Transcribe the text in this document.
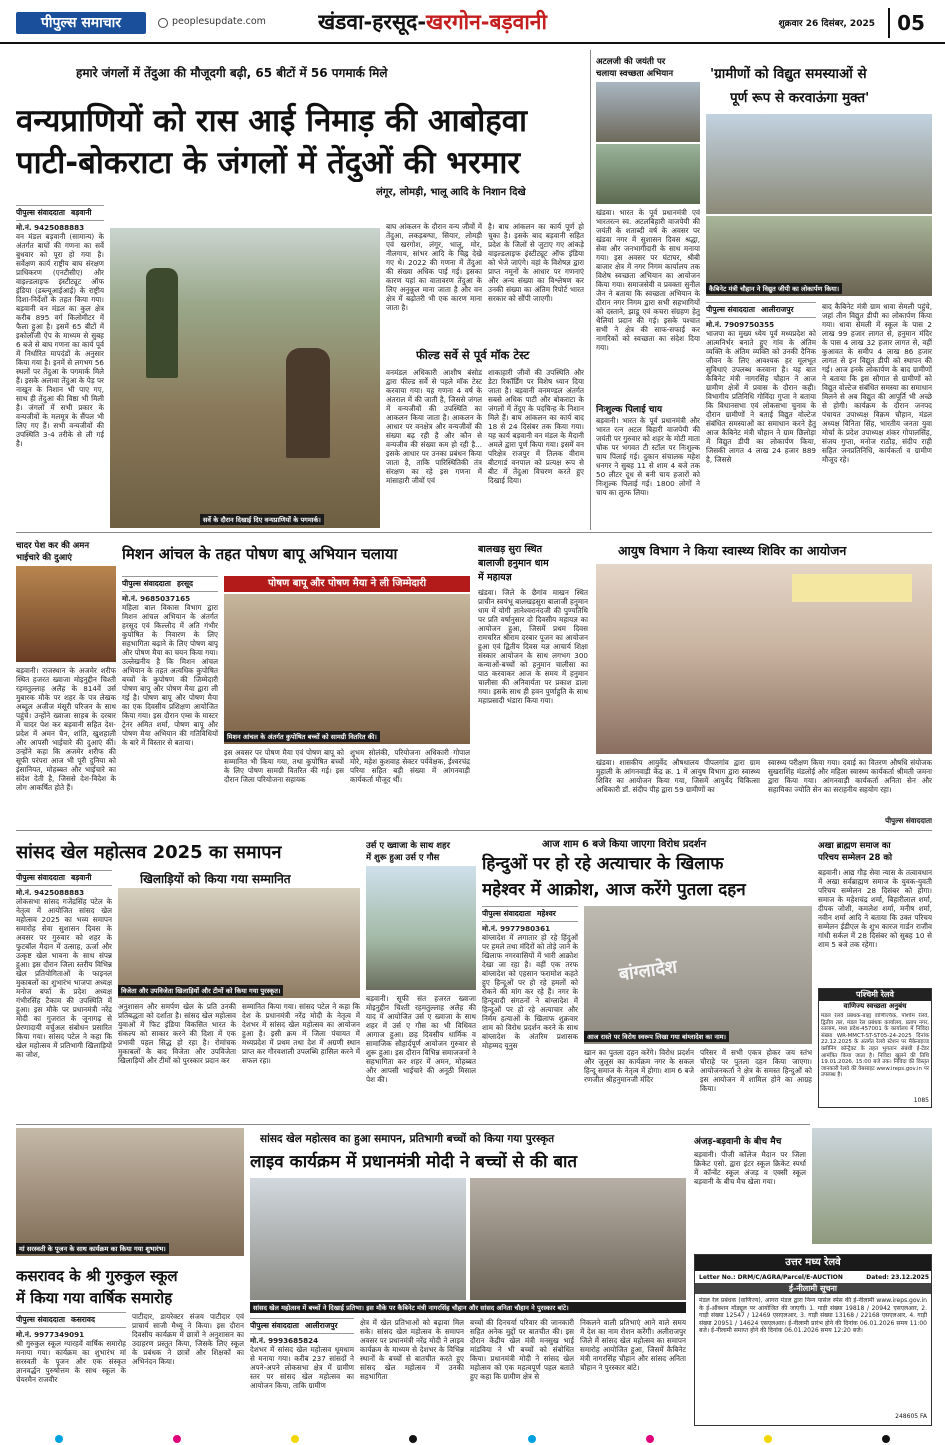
पीपुल्स समाचार	peoplesupdate.com	खंडवा-हरसूद-खरगोन-बड़वानी	शुक्रवार 26 दिसंबर, 2025	05
हमारे जंगलों में तेंदुआ की मौजूदगी बढ़ी, 65 बीटों में 56 पगमार्क मिले
वन्यप्राणियों को रास आई निमाड़ की आबोहवा
पाटी-बोकराटा के जंगलों में तेंदुओं की भरमार
लंगूर, लोमड़ी, भालू आदि के निशान दिखे
पीपुल्स संवाददाता बड़वानी
मो.नं. 9425088883
वन मंडल बड़वानी (सामान्य) के अंतर्गत बाघों की गणना का सर्वे बुधवार को पूरा हो गया है। सर्वेक्षण कार्य राष्ट्रीय बाघ संरक्षण प्राधिकरण (एनटीसीए) और वाइल्डलाइफ इंस्टीट्यूट ऑफ इंडिया (डब्ल्यूआईआई) के राष्ट्रीय दिशा-निर्देशों के तहत किया गया। बड़वानी वन मंडल का कुल क्षेत्र करीब 895 वर्ग किलोमीटर में फैला हुआ है। इसमें 65 बीटों में इकोलॉजी ऐप के माध्यम से सुबह 6 बजे से बाघ गणना का कार्य पूर्व में निर्धारित मापदंडों के अनुसार किया गया है। इनमें से लगभग 56 स्थलों पर तेंदुआ के पगमार्क मिले हैं। इसके अलावा तेंदुआ के पेड़ पर नाखून के निशान भी पाए गए, साथ ही तेंदुआ की विष्ठा भी मिली है। जंगलों में सभी प्रकार के वन्यजीवों के मलमूत्र के सैंपल भी लिए गए हैं। सभी वन्यजीवों की उपस्थिति 3-4 तरीके से ली गई है।
सर्वे के दौरान दिखाई दिए वन्यप्राणियों के पगमार्क।
बाघ आंकलन के दौरान वन्य जीवों में तेंदुआ, लकड़बग्घा, सियार, लोमड़ी एवं खरगोश, लंगूर, भालू, मोर, नीलगाय, सांभर आदि के चिह्न देखे गए थे। 2022 की गणना में तेंदुआ की संख्या अधिक पाई गई। इसका कारण यहां का वातावरण तेंदुआ के लिए अनुकूल माना जाता है और वन क्षेत्र में बढ़ोतरी भी एक कारण माना जाता है।
है। बाघ आंकलन का कार्य पूर्ण हो चुका है। इसके बाद बड़वानी सहित प्रदेश के जिलों से जुटाए गए आंकड़े वाइल्डलाइफ इंस्टीट्यूट ऑफ इंडिया को भेजे जाएंगे। वहां के विशेषज्ञ द्वारा प्राप्त नमूनों के आधार पर गणनाएं और अन्य संख्या का विश्लेषण कर उनकी संख्या का अंतिम रिपोर्ट भारत सरकार को सौंपी जाएगी।
फील्ड सर्वे से पूर्व मॉक टेस्ट
वनमंडल अधिकारी आशीष बंसोड द्वारा फील्ड सर्वे से पहले मॉक टेस्ट करवाया गया। यह गणना 4 वर्ष के अंतराल में की जाती है, जिससे जंगल में वन्यजीवों की उपस्थिति का आकलन किया जाता है। आकलन के आधार पर वनक्षेत्र और वन्यजीवों की संख्या बढ़ रही है और कौन से वन्यजीव की संख्या कम हो रही है... इसके आधार पर उनका प्रबंधन किया जाता है, ताकि पारिस्थितिकी तंत्र संरक्षण का रहे इस गणना में मांसाहारी जीवों एवं
शाकाहारी जीवों की उपस्थिति और डेटा रिकॉर्डिंग पर विशेष ध्यान दिया जाता है। बड़वानी वनमण्डल अंतर्गत सबसे अधिक पाटी और बोकराटा के जंगलों में तेंदुए के पदचिन्ह के निशान मिले हैं। बाघ आंकलन का कार्य बाद 18 से 24 दिसंबर तक किया गया। यह कार्य बड़वानी वन मंडल के मैदानी अमले द्वारा पूर्ण किया गया। इसमें वन परिक्षेत्र राजपुर में तिलक वीराम बीटगार्ड वनपाल को प्रत्यक्ष रूप से बीट में तेंदुआ विचरण करते हुए दिखाई दिया।
अटलजी की जयंती पर
चलाया स्वच्छता अभियान
खंडवा। भारत के पूर्व प्रधानमंत्री एवं भारतरत्न स्व. अटलबिहारी वाजपेयी की जयंती के शताब्दी वर्ष के अवसर पर खंडवा नगर में सुशासन दिवस श्रद्धा, सेवा और जनभागीदारी के साथ मनाया गया। इस अवसर पर घंटाघर, श्रीबी बाजार क्षेत्र में नगर निगम कार्यालय तक विशेष स्वच्छता अभियान का आयोजन किया गया। समाजसेवी व प्रवक्ता सुनील जैन ने बताया कि स्वच्छता अभियान के दौरान नगर निगम द्वारा सभी सहभागियों को दस्ताने, झाडू एवं कचरा संग्रहण हेतु थैलियां प्रदान की गई। इसके पश्चात सभी ने क्षेत्र की साफ-सफाई कर नागरिकों को स्वच्छता का संदेश दिया गया।
निःशुल्क पिलाई चाय
बड़वानी। भारत के पूर्व प्रधानमंत्री और भारत रत्न अटल बिहारी वाजपेयी की जयंती पर गुरुवार को शहर के मोटी माता चौक पर भगवत टी स्टॉल पर निःशुल्क चाय पिलाई गई। दुकान संचालक महेश धनगर ने सुबह 11 से शाम 4 बजे तक 50 लीटर दूध से बनी चाय हजारों को निःशुल्क पिलाई गई। 1800 लोगों ने चाय का लुत्फ लिया।
'ग्रामीणों को विद्युत समस्याओं से
पूर्ण रूप से करवाऊंगा मुक्त'
कैबिनेट मंत्री चौहान ने विद्युत जीपी का लोकार्पण किया।
पीपुल्स संवाददाता आलीराजपुर
मो.नं. 7909750355
भाजपा का मुख्य ध्येय पूर्व मध्यप्रदेश को आत्मनिर्भर बनाते हुए गांव के अंतिम व्यक्ति के अंतिम व्यक्ति को उनकी दैनिक जीवन के लिए आवश्यक हर मूलभूत सुविधाएं उपलब्ध करवाना है। यह बात कैबिनेट मंत्री नागरसिंह चौहान ने आज ग्रामीण क्षेत्रों में प्रवास के दौरान कही। विभागीय प्रतिनिधि गोविंदा गुप्ता ने बताया कि विधानसभा एवं लोकसभा चुनाव के दौरान ग्रामीणों ने बताई विद्युत वोल्टेज संबंधित समस्याओं का समाधान करने हेतु आज कैबिनेट मंत्री चौहान ने ग्राम छिलोड़ा में विद्युत डीपी का लोकार्पण किया, जिसकी लागत 4 लाख 24 हजार 889 है, जिससे
बाद कैबिनेट मंत्री ग्राम धावा सेमली पहुंचे, जहां तीन विद्युत डीपी का लोकार्पण किया गया। धावा सेमली में स्कूल के पास 2 लाख 99 हजार लागत से, हनुमान मंदिर के पास 4 लाख 32 हजार लागत से, वहीं कुआवत के समीप 4 लाख 86 हजार लागत से इन विद्युत डीपी को स्थापन की गई। आज इनके लोकार्पण के बाद ग्रामीणों ने बताया कि इस सौगात से ग्रामीणों को विद्युत वोल्टेज संबंधित समस्या का समाधान मिलने से अब विद्युत की आपूर्ति भी अच्छे से होगी। कार्यक्रम के दौरान जनपद पंचायत उपाध्यक्ष विक्रम चौहान, मंडल अध्यक्ष विनिता सिंह, भारतीय जनता युवा मोर्चा के प्रदेश उपाध्यक्ष शंकर गोपालसिंह, संजय गुप्ता, मनोज राठौड़, संदीप राही सहित जनप्रतिनिधि, कार्यकर्ता व ग्रामीण मौजूद रहे।
चादर पेश कर की अमन
भाईचारे की दुआएं
बड़वानी। राजस्थान के अजमेर शरीफ स्थित हजरत ख्वाजा मोइनुद्दीन चिश्ती रहमतुल्लाह अलैह के 814वें उर्स मुबारक मौके पर शहर के पत्र लेखक अब्दुल अजीज मंसूरी परिजन के साथ पहुंचे। उन्होंने ख्वाजा साहब के दरबार में चादर पेश कर बड़वानी सहित देश-प्रदेश में अमन चैन, शांति, खुशहाली और आपसी भाईचारे की दुआएं कीं। उन्होंने कहा कि अजमेर शरीफ की सूफी परंपरा आज भी पूरी दुनिया को इंसानियत, मोहब्बत और भाईचारे का संदेश देती है, जिससे देश-विदेश के लोग आकर्षित होते हैं।
मिशन आंचल के तहत पोषण बापू अभियान चलाया
पीपुल्स संवाददाता हरसूद
मो.नं. 9685037165
महिला बाल विकास विभाग द्वारा मिशन आंचल अभियान के अंतर्गत हरसूद एवं किल्लौद में अति गंभीर कुपोषित के निवारण के लिए सहभागिता बढ़ाने के लिए पोषण बापू और पोषण मैया का चयन किया गया। उल्लेखनीय है कि मिशन आंचल अभियान के तहत अत्यधिक कुपोषित बच्चों के कुपोषण की जिम्मेदारी पोषण बापू और पोषण मैया द्वारा ली गई है। पोषण बापू और पोषण मैया का एक दिवसीय प्रशिक्षण आयोजित किया गया। इस दौरान एम्स के मास्टर ट्रेनर अमित शर्मा, पोषण बापू और पोषण मैया अभियान की गतिविधियों के बारे में विस्तार से बताया।
पोषण बापू और पोषण मैया ने ली जिम्मेदारी
मिशन आंचल के अंतर्गत कुपोषित बच्चों को सामग्री वितरित की।
इस अवसर पर पोषण मैया एवं पोषण बापू को सम्मानित भी किया गया, तथा कुपोषित बच्चों के लिए पोषण सामग्री वितरित की गई। इस दौरान जिला परियोजना सहायक
शुभम सोलंकी, परियोजना अधिकारी गोपाल मोरे, महेश कुशवाह सेक्टर पर्यवेक्षक, ईश्वरचंद्र परिया सहित बड़ी संख्या में आंगनवाड़ी कार्यकर्ता मौजूद थीं।
बालखड़ सुरा स्थित
बालाजी हनुमान धाम
में महायज्ञ
खंडवा। जिले के छैगांव माखन स्थित प्राचीन स्वयंभू बालखड़सुरा बालाजी हनुमान धाम में योगी ज्ञानेश्वरानंदजी की पुण्यतिथि पर प्रति वर्षानुसार दो दिवसीय महायज्ञ का आयोजन हुआ, जिसमें प्रथम दिवस रामचरित श्रीराम दरबार पूजन का आयोजन हुआ एवं द्वितीय दिवस यज्ञ आचार्य शिक्षा संस्कार आयोजन के साथ लगभग 300 कन्याओं-बच्चों को हनुमान चालीसा का पाठ करवाकर आज के समय में हनुमान चालीसा की अनिवार्यता पर प्रकाश डाला गया। इसके साथ ही हवन पुर्णाहुति के साथ महाप्रसादी भंडारा किया गया।
आयुष विभाग ने किया स्वास्थ्य शिविर का आयोजन
खंडवा। शासकीय आयुर्वेद औषधालय पीपलगांव द्वारा ग्राम मुहाली के आंगनवाड़ी केंद्र क्र. 1 में आयुष विभाग द्वारा स्वास्थ्य शिविर का आयोजन किया गया, जिसमें आयुर्वेद चिकित्सा अधिकारी डॉ. संदीप पीह द्वारा 59 ग्रामीणों का
स्वास्थ्य परीक्षण किया गया। दवाई का वितरण औषधि संयोजक सुखराशिंह मंडलोई और महिला स्वास्थ्य कार्यकर्ता श्रीमती जमना द्वारा किया गया। आंगनवाड़ी कार्यकर्ता अनिता सेन और सहायिका ज्योति सेन का सराहनीय सहयोग रहा।
पीपुल्स संवाददाता
सांसद खेल महोत्सव 2025 का समापन
पीपुल्स संवाददाता बड़वानी
मो.नं. 9425088883
लोकसभा सांसद गजेंद्रसिंह पटेल के नेतृत्व में आयोजित सांसद खेल महोत्सव 2025 का भव्य समापन समारोह सेवा सुशासन दिवस के अवसर पर गुरुवार को शहर के फुटबॉल मैदान में उत्साह, ऊर्जा और उत्कृष्ट खेल भावना के साथ संपन्न हुआ। इस दौरान जिला स्तरीय विभिन्न खेल प्रतियोगिताओं के फाइनल मुकाबलों का शुभारंभ भाजपा अध्यक्ष मनोज बर्फा के प्रदेश अध्यक्ष गंभीरसिंह टैकाम की उपस्थिति में हुआ। इस मौके पर प्रधानमंत्री नरेंद्र मोदी का गुजरात के जूनागढ़ से प्रेरणादायी वर्चुअल संबोधन प्रसारित किया गया। सांसद पटेल ने कहा कि खेल महोत्सव में प्रतिभागी खिलाड़ियों का जोश,
खिलाड़ियों को किया गया सम्मानित
विजेता और उपविजेता खिलाड़ियों और टीमों को किया गया पुरस्कृत।
अनुशासन और समर्पण खेल के प्रति उनकी प्रतिबद्धता को दर्शाता है। सांसद खेल महोत्सव युवाओं में फिट इंडिया विकसित भारत के संकल्प को साकार करने की दिशा में एक प्रभावी पहल सिद्ध हो रहा है। रोमांचक मुकाबलों के बाद विजेता और उपविजेता खिलाड़ियों और टीमों को पुरस्कार प्रदान कर
सम्मानित किया गया। सांसद पटेल ने कहा कि देश के प्रधानमंत्री नरेंद्र मोदी के नेतृत्व में देशभर में सांसद खेल महोत्सव का आयोजन हुआ है। इसी क्रम में जिला पंचायत में मध्यप्रदेश में प्रथम तथा देश में अग्रणी स्थान प्राप्त कर गौरवशाली उपलब्धि हासिल करने में सफल रहा।
उर्स ए ख्वाजा के साथ शहर
में शुरू हुआ उर्स ए गौस
बड़वानी। सूफी संत हजरत ख्वाजा मोइनुद्दीन चिश्ती रहमतुल्लाह अलैह की याद में आयोजित उर्स ए ख्वाजा के साथ शहर में उर्स ए गौस का भी विधिवत आगाज हुआ। छह दिवसीय धार्मिक व सामाजिक सौहार्दपूर्ण आयोजन गुरुवार से शुरू हुआ। इस दौरान विभिन्न समाजजनों ने सहभागिता कर शहर में अमन, मोहब्बत और आपसी भाईचारे की अनूठी मिसाल पेश की।
आज शाम 6 बजे किया जाएगा विरोध प्रदर्शन
हिन्दुओं पर हो रहे अत्याचार के खिलाफ
महेश्वर में आक्रोश, आज करेंगे पुतला दहन
पीपुल्स संवाददाता महेश्वर
मो.नं. 9977980361
बांग्लादेश में लगातार हो रहे हिंदुओं पर हमले तथा मंदिरों को तोड़े जाने के खिलाफ नगरवासियों में भारी आक्रोश देखा जा रहा है। वहीं एक तरफ बांग्लादेश को एहसान फरामोश कहते हुए हिन्दूओं पर हो रहे हमलों को रोकने की मांग कर रहे हैं। नगर के हिन्दूवादी संगठनों ने बांग्लादेश में हिन्दूओं पर हो रहे अत्याचार और निर्मम हत्याओं के खिलाफ शुक्रवार शाम को विरोध प्रदर्शन करने के साथ बांग्लादेश के अंतरिम प्रशासक मोहम्मद यूनुस
बांग्लादेश
आज रास्ते पर विरोध स्वरूप लिखा गया बांग्लादेश का नाम।
खान का पुतला दहन करेंगे। विरोध प्रदर्शन और जुलूस का कार्यक्रम नगर के सकल हिन्दू समाज के नेतृत्व में होगा। शाम 6 बजे रणजीत श्रीहनुमानजी मंदिर
परिसर में सभी एकत्र होकर जय स्तंभ चौराहे पर पुतला दहन किया जाएगा। आयोजनकर्ता ने क्षेत्र के समस्त हिन्दुओं को इस आयोजन में शामिल होने का आग्रह किया।
अखा ब्राह्मण समाज का
परिचय सम्मेलन 28 को
बड़वानी। आद्य गौड़ सेवा न्यास के तत्वावधान में अखा सर्वब्राह्मण समाज के युवक-युवती परिचय सम्मेलन 28 दिसंबर को होगा। समाज के महेशचंद्र शर्मा, बिहारीलाल शर्मा, दीपक जोशी, कमलेश शर्मा, मनीष शर्मा, नवीन शर्मा आदि ने बताया कि उक्त परिचय सम्मेलन ईडीएल के शुभ कारज गार्डन राजीव गांधी सर्कल में 28 दिसंबर को सुबह 10 से शाम 5 बजे तक रहेगा।
पश्चिमी रेलवे
वाणिज्य स्वच्छता अनुबंध
मंडल रेलवे प्रबंधक-बाह्य वाणिज्यिक, पश्चिम रेलवे, द्वितीय तल, मंडल रेल प्रबंधक कार्यालय, प्रताप नगर, रतलाम, मध्य प्रदेश-457001 के कार्यालय में निविदा संख्या WR-MMCT-ST-ST05-24-2025 दिनांक 22.12.2025 के अंतर्गत रेलवे स्टेशन पर मैकेनाइज्ड क्लीनिंग कॉन्ट्रैक्ट के तहत भुगतान संबंधी ई-टेंडर आमंत्रित किया जाता है। निविदा खुलने की तिथि 19.01.2026, 15:00 बजे तक। निविदा की विस्तृत जानकारी रेलवे की वेबसाइट www.ireps.gov.in पर उपलब्ध है।
1085
मां सरस्वती के पूजन के साथ कार्यक्रम का किया गया शुभारंभ।
कसरावद के श्री गुरुकुल स्कूल
में किया गया वार्षिक समारोह
पीपुल्स संवाददाता कसरावद
मो.नं. 9977349091
श्री गुरुकुल स्कूल ग्यारहवें वार्षिक समारोह मनाया गया। कार्यक्रम का शुभारंभ मां सरस्वती के पूजन और एक संस्कृत ज्ञानवर्द्धन पुरुषोत्तम के साथ स्कूल के चेयरमैन राजवीर
पाटीदार, डायरेक्टर संजय पाटीदार एवं प्राचार्य साजी मैथ्यू ने किया। इस दौरान दिवसीय कार्यक्रम में छात्रों ने अनुशासन का उदाहरण प्रस्तुत किया, जिसके लिए स्कूल के प्रबंधक ने छात्रों और शिक्षकों का अभिनंदन किया।
सांसद खेल महोत्सव का हुआ समापन, प्रतिभागी बच्चों को किया गया पुरस्कृत
लाइव कार्यक्रम में प्रधानमंत्री मोदी ने बच्चों से की बात
सांसद खेल महोत्सव में बच्चों ने दिखाई प्रतिभा। इस मौके पर कैबिनेट मंत्री नागरसिंह चौहान और सांसद अनिता चौहान ने पुरस्कार बांटे।
पीपुल्स संवाददाता आलीराजपुर
मो.नं. 9993685824
देशभर में सांसद खेल महोत्सव धूमधाम से मनाया गया। करीब 237 सांसदों ने अपने-अपने लोकसभा क्षेत्र में ग्रामीण स्तर पर सांसद खेल महोत्सव का आयोजन किया, ताकि ग्रामीण
क्षेत्र में खेल प्रतिभाओं को बढ़ावा मिल सके। सांसद खेल महोत्सव के समापन अवसर पर प्रधानमंत्री नरेंद्र मोदी ने लाइव कार्यक्रम के माध्यम से देशभर के विभिन्न स्थानों के बच्चों से बातचीत करते हुए सांसद खेल महोत्सव में उनकी सहभागिता
बच्चों की दिनचर्या परिवार की जानकारी सहित अनेक मुद्दों पर बातचीत की। इस दौरान केंद्रीय खेल मंत्री मनसुख भाई मांडविया ने भी बच्चों को संबोधित किया। प्रधानमंत्री मोदी ने सांसद खेल महोत्सव को एक महत्वपूर्ण पहल बताते हुए कहा कि ग्रामीण क्षेत्र से
निकलने वाली प्रतिभाएं आने वाले समय में देश का नाम रोशन करेंगी। अलीराजपुर जिले में सांसद खेल महोत्सव का समापन समारोह आयोजित हुआ, जिसमें कैबिनेट मंत्री नागरसिंह चौहान और सांसद अनिता चौहान ने पुरस्कार बांटे।
अंजड़-बड़वानी के बीच मैच
बड़वानी। पीजी कॉलेज मैदान पर जिला क्रिकेट एसो. द्वारा इंटर स्कूल क्रिकेट स्पर्धा में कॉन्वेंट स्कूल अंजड़ व एक्सी स्कूल बड़वानी के बीच मैच खेला गया।
उत्तर मध्य रेलवे
Letter No.: DRM/C/AGRA/Parcel/E-AUCTION	Dated: 23.12.2025
ई-नीलामी सूचना
मंडल रेल प्रबंधक (वाणिज्य), आगरा मंडल द्वारा निम्न पार्सल स्पेस की ई-नीलामी www.ireps.gov.in के ई-ऑक्शन मॉड्यूल पर आयोजित की जाएगी। 1. गाड़ी संख्या 19818 / 20942 एसएलआर, 2. गाड़ी संख्या 12547 / 12469 एसएलआर, 3. गाड़ी संख्या 13168 / 22168 एसएलआर, 4. गाड़ी संख्या 20951 / 14624 एसएलआर। ई-नीलामी प्रारंभ होने की दिनांक 06.01.2026 समय 11:00 बजे। ई-नीलामी समाप्त होने की दिनांक 06.01.2026 समय 12:20 बजे।
248605 FA
